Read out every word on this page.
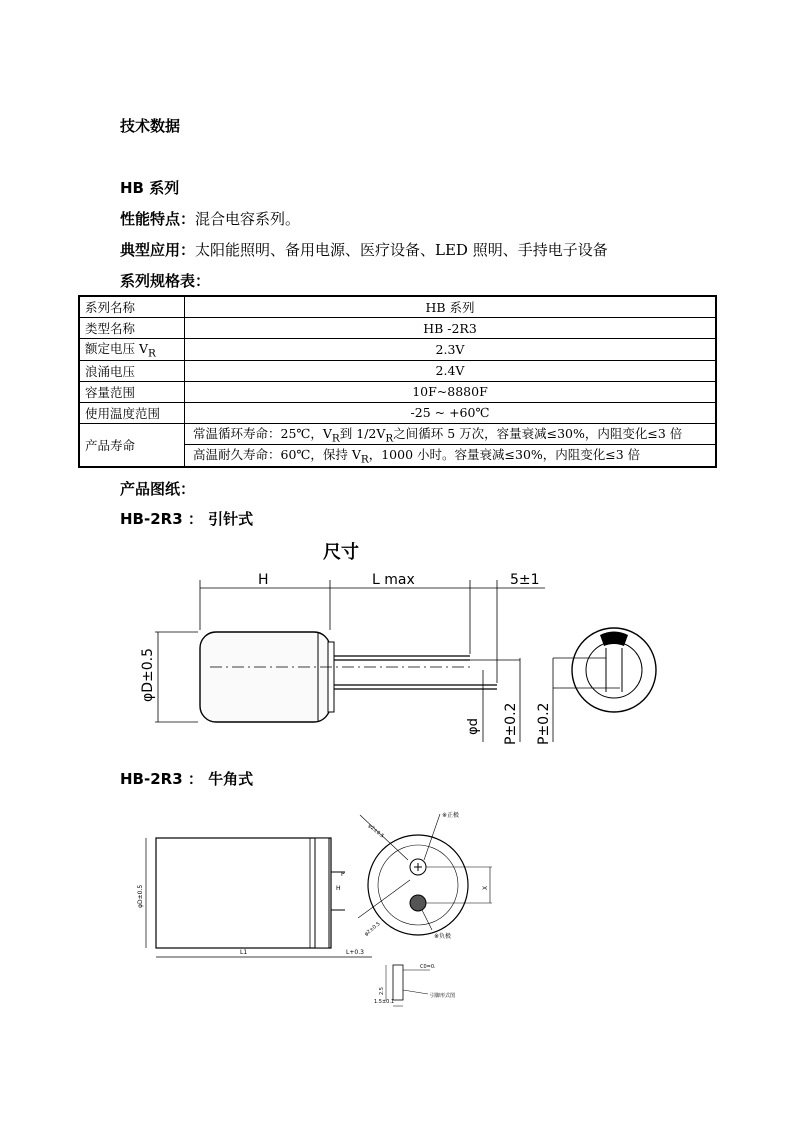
技术数据
HB 系列
性能特点：混合电容系列。
典型应用：太阳能照明、备用电源、医疗设备、LED 照明、手持电子设备
系列规格表：
系列名称	HB 系列
类型名称	HB -2R3
额定电压 $V_R$	2.3V
浪涌电压	2.4V
容量范围	10F~8880F
使用温度范围	-25 ~ +60℃
产品寿命	常温循环寿命：25℃，$V_R$到 $1/2V_R$之间循环 5 万次，容量衰减≤30%，内阻变化≤3 倍
	高温耐久寿命：60℃，保持 $V_R$，1000 小时。容量衰减≤30%，内阻变化≤3 倍
产品图纸：
HB-2R3 ： 引针式
尺寸
H	L max	5±1
φD±0.5
φd P±0.2 P±0.2
HB-2R3 ： 牛角式
φD±0.5
L1	L+0.3
H
P
X
φ2±0.5
φ2±0.5
※正极
※负极
2.5
1.5±0.1
C0=0.
引脚形式图
